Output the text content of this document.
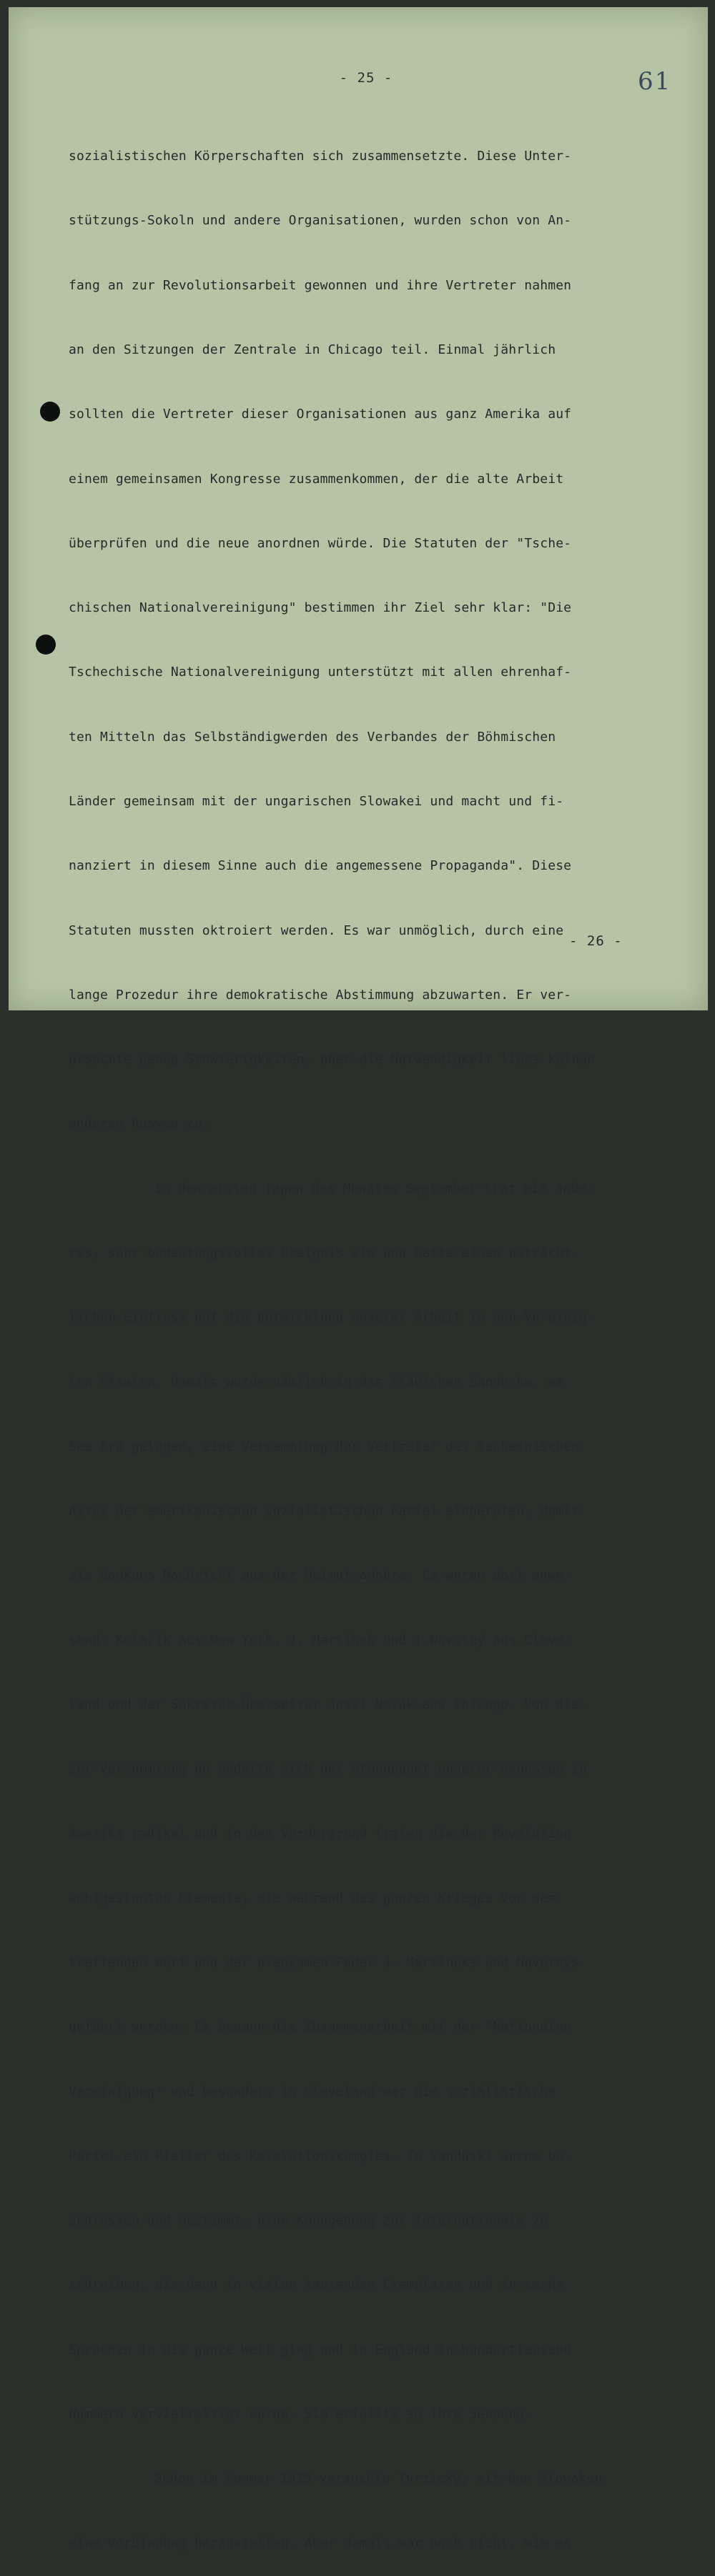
- 25 -	61

sozialistischen Körperschaften sich zusammensetzte. Diese Unter-

stützungs-Sokoln und andere Organisationen, wurden schon von An-

fang an zur Revolutionsarbeit gewonnen und ihre Vertreter nahmen

an den Sitzungen der Zentrale in Chicago teil. Einmal jährlich

sollten die Vertreter dieser Organisationen aus ganz Amerika auf

einem gemeinsamen Kongresse zusammenkommen, der die alte Arbeit

überprüfen und die neue anordnen würde. Die Statuten der "Tsche-

chischen Nationalvereinigung" bestimmen ihr Ziel sehr klar: "Die

Tschechische Nationalvereinigung unterstützt mit allen ehrenhaf-

ten Mitteln das Selbständigwerden des Verbandes der Böhmischen

Länder gemeinsam mit der ungarischen Slowakei und macht und fi-

nanziert in diesem Sinne auch die angemessene Propaganda". Diese

Statuten mussten oktroiert werden. Es war unmöglich, durch eine

lange Prozedur ihre demokratische Abstimmung abzuwarten. Er ver-

ursachte genug Schwierigkeiten, aber die Notwendigkeit liess keinen

anderen Ausweg zu.

In den ersten Tagen des Monates September trat ein ande-

res, sehr bedeutungsvolles Ereignis ein und hatte einen beträcht-

lichen Einfluss auf die Entwicklung unserer Arbeit in den Vereinig-

ten Staaten. Damals wurde nämlich in das Städtchen Sanduska, am

See Era gelegen, eine Versammlung der Vertreter des tschechischen

Astes der amerikanischen sozialistischen Partei einberufen, damit

sie Soukups Nachricht aus der Heimat anhöre. Es waren dort anwe-

send: Kolařík aus New York, J. Martínek und T.Novotný aus Cleve-

land und der Sekretär-Übersetzer Josef Novák aus Chicago. Von die-

ser Versammlung an änderte sich der Standpunkt unserer Genossen in

Amerika radikal und in den Vordergrund traten die der Revolution

wohlgesinnten Elemente, die während des ganzen Krieges von dem

treffenden Wort und der biegsamen Feder J. Martíneks und Novotnýs

geführt werden. Es begann die Zusammenarbeit mit der "Nationalen

Vereinigung" und besonders in Cleveland war die sozialistische

Partei ein Pfeiler des Revolutionskampfes. In Sanduski wurde be-

schlossen und bestimmt, eine Kundgebung zur Internationale zu

schreiben, die dann in vielen tausenden Exemplaren und in sechs

Sprachen in die ganze Welt ging und in England in hunderttausend

Nummern vervielfältigt wurde. Sie erfüllte so ihre Sendung.

Schon im Sommer 1915 versuchte Tvrzický, mit den Slowaken

eine Verbindung herzustellen. Aber damals war noch nicht, wie es

- 26 -
